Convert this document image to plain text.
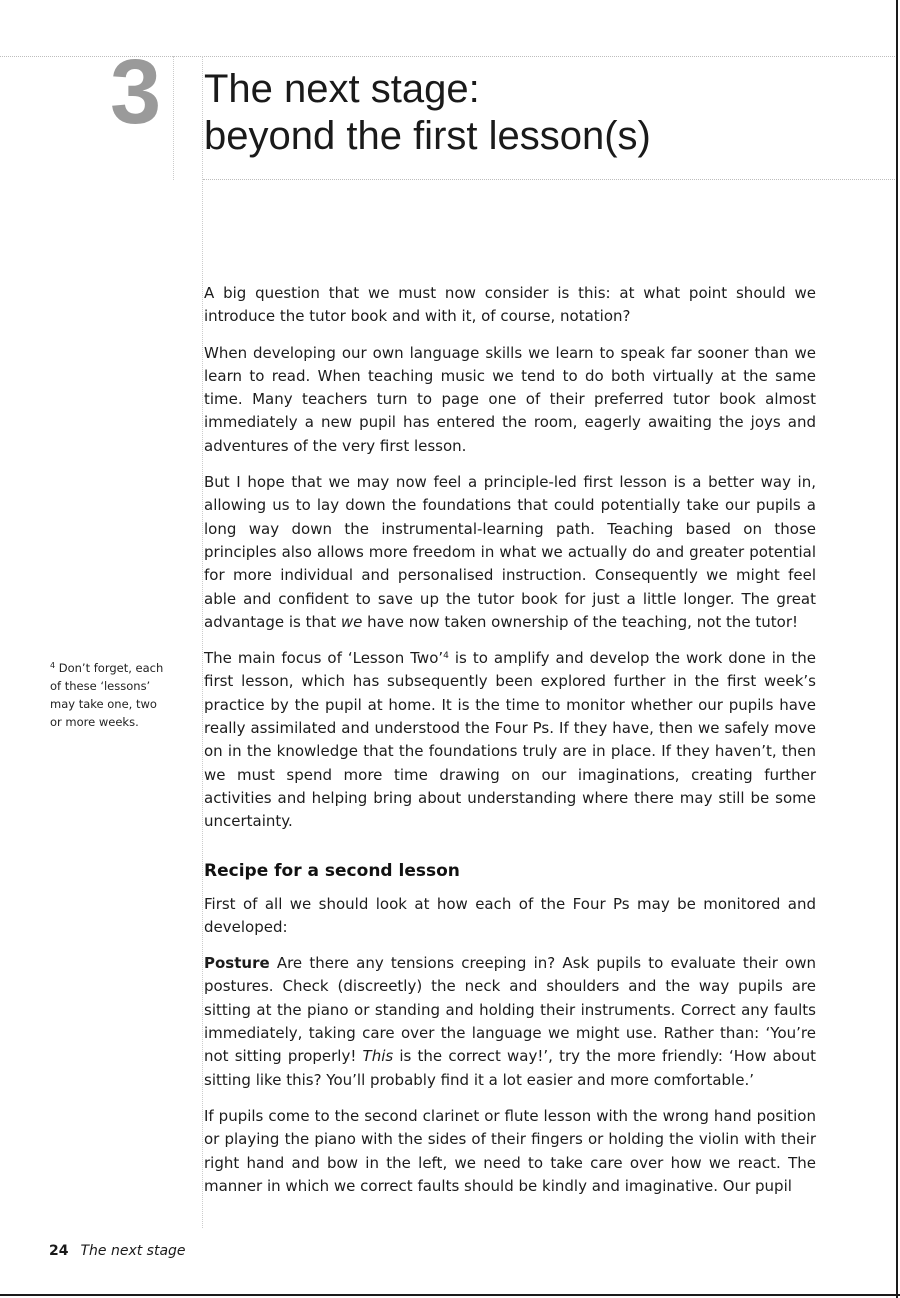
3 The next stage:
beyond the first lesson(s)

$^4$ Don’t forget, each of these ‘lessons’ may take one, two or more weeks.

A big question that we must now consider is this: at what point should we introduce the tutor book and with it, of course, notation?

When developing our own language skills we learn to speak far sooner than we learn to read. When teaching music we tend to do both virtually at the same time. Many teachers turn to page one of their preferred tutor book almost immediately a new pupil has entered the room, eagerly awaiting the joys and adventures of the very first lesson.

But I hope that we may now feel a principle-led first lesson is a better way in, allowing us to lay down the foundations that could potentially take our pupils a long way down the instrumental-learning path. Teaching based on those principles also allows more freedom in what we actually do and greater potential for more individual and personalised instruction. Consequently we might feel able and confident to save up the tutor book for just a little longer. The great advantage is that we have now taken ownership of the teaching, not the tutor!

The main focus of ‘Lesson Two’$^4$ is to amplify and develop the work done in the first lesson, which has subsequently been explored further in the first week’s practice by the pupil at home. It is the time to monitor whether our pupils have really assimilated and understood the Four Ps. If they have, then we safely move on in the knowledge that the foundations truly are in place. If they haven’t, then we must spend more time drawing on our imaginations, creating further activities and helping bring about understanding where there may still be some uncertainty.

Recipe for a second lesson

First of all we should look at how each of the Four Ps may be monitored and developed:

Posture Are there any tensions creeping in? Ask pupils to evaluate their own postures. Check (discreetly) the neck and shoulders and the way pupils are sitting at the piano or standing and holding their instruments. Correct any faults immediately, taking care over the language we might use. Rather than: ‘You’re not sitting properly! This is the correct way!’, try the more friendly: ‘How about sitting like this? You’ll probably find it a lot easier and more comfortable.’

If pupils come to the second clarinet or flute lesson with the wrong hand position or playing the piano with the sides of their fingers or holding the violin with their right hand and bow in the left, we need to take care over how we react. The manner in which we correct faults should be kindly and imaginative. Our pupil

24 The next stage
